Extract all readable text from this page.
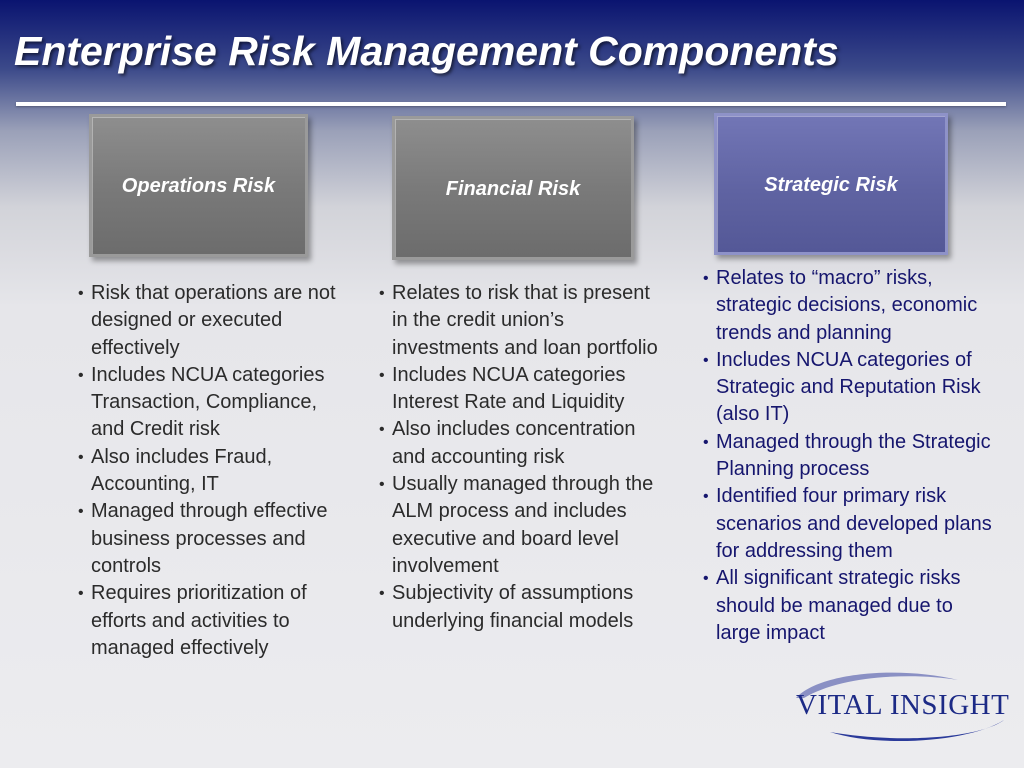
Enterprise Risk Management Components
Operations Risk	Financial Risk	Strategic Risk
• Risk that operations are not designed or executed effectively
• Includes NCUA categories Transaction, Compliance, and Credit risk
• Also includes Fraud, Accounting, IT
• Managed through effective business processes and controls
• Requires prioritization of efforts and activities to managed effectively
• Relates to risk that is present in the credit union’s investments and loan portfolio
• Includes NCUA categories Interest Rate and Liquidity
• Also includes concentration and accounting risk
• Usually managed through the ALM process and includes executive and board level involvement
• Subjectivity of assumptions underlying financial models
• Relates to “macro” risks, strategic decisions, economic trends and planning
• Includes NCUA categories of Strategic and Reputation Risk (also IT)
• Managed through the Strategic Planning process
• Identified four primary risk scenarios and developed plans for addressing them
• All significant strategic risks should be managed due to large impact
VITAL INSIGHT
